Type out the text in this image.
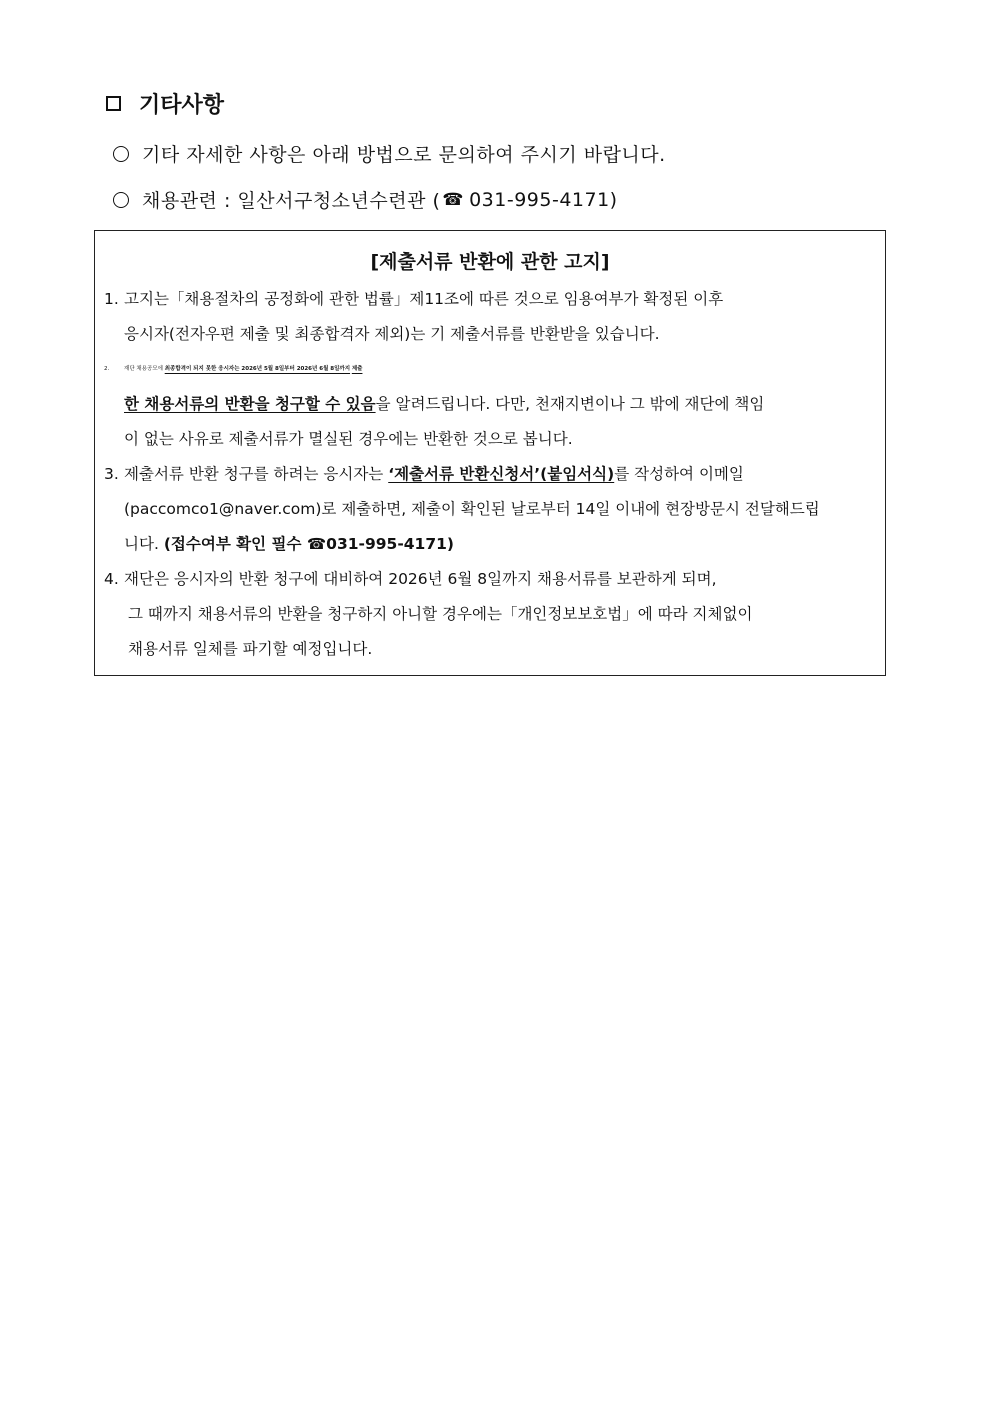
기타사항
기타 자세한 사항은 아래 방법으로 문의하여 주시기 바랍니다.
채용관련 : 일산서구청소년수련관 ( ☎ 031-995-4171)
[제출서류 반환에 관한 고지]
1. 고지는「채용절차의 공정화에 관한 법률」제11조에 따른 것으로 임용여부가 확정된 이후
응시자(전자우편 제출 및 최종합격자 제외)는 기 제출서류를 반환받을 있습니다.
2.	재단 채용공모에 최종합격이 되지 못한 응시자는 2026년 5월 8일부터 2026년 6월 8일까지 제출
한 채용서류의 반환을 청구할 수 있음을 알려드립니다. 다만, 천재지변이나 그 밖에 재단에 책임
이 없는 사유로 제출서류가 멸실된 경우에는 반환한 것으로 봅니다.
3. 제출서류 반환 청구를 하려는 응시자는 ‘제출서류 반환신청서’(붙임서식)를 작성하여 이메일
(paccomco1@naver.com)로 제출하면, 제출이 확인된 날로부터 14일 이내에 현장방문시 전달해드립
니다. (접수여부 확인 필수 ☎031-995-4171)
4. 재단은 응시자의 반환 청구에 대비하여 2026년 6월 8일까지 채용서류를 보관하게 되며,
그 때까지 채용서류의 반환을 청구하지 아니할 경우에는「개인정보보호법」에 따라 지체없이
채용서류 일체를 파기할 예정입니다.
